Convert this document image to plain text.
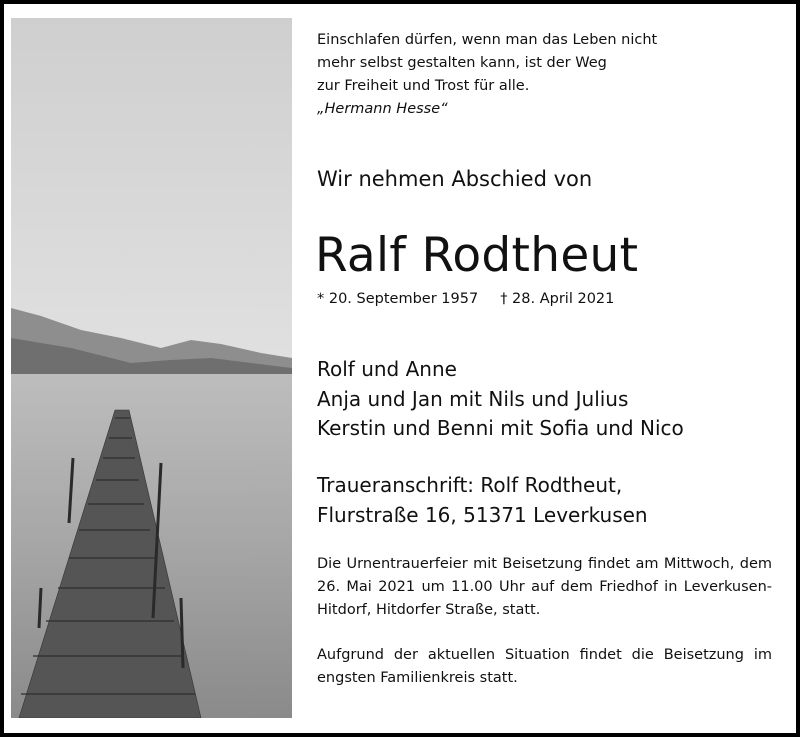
Einschlafen dürfen, wenn man das Leben nicht
mehr selbst gestalten kann, ist der Weg
zur Freiheit und Trost für alle.
„Hermann Hesse“
Wir nehmen Abschied von
Ralf Rodtheut
* 20. September 1957 † 28. April 2021
Rolf und Anne
Anja und Jan mit Nils und Julius
Kerstin und Benni mit Sofia und Nico
Traueranschrift: Rolf Rodtheut,
Flurstraße 16, 51371 Leverkusen
Die Urnentrauerfeier mit Beisetzung findet am Mittwoch, dem 26. Mai 2021 um 11.00 Uhr auf dem Friedhof in Leverkusen-Hitdorf, Hitdorfer Straße, statt.
Aufgrund der aktuellen Situation findet die Beisetzung im engsten Familienkreis statt.
